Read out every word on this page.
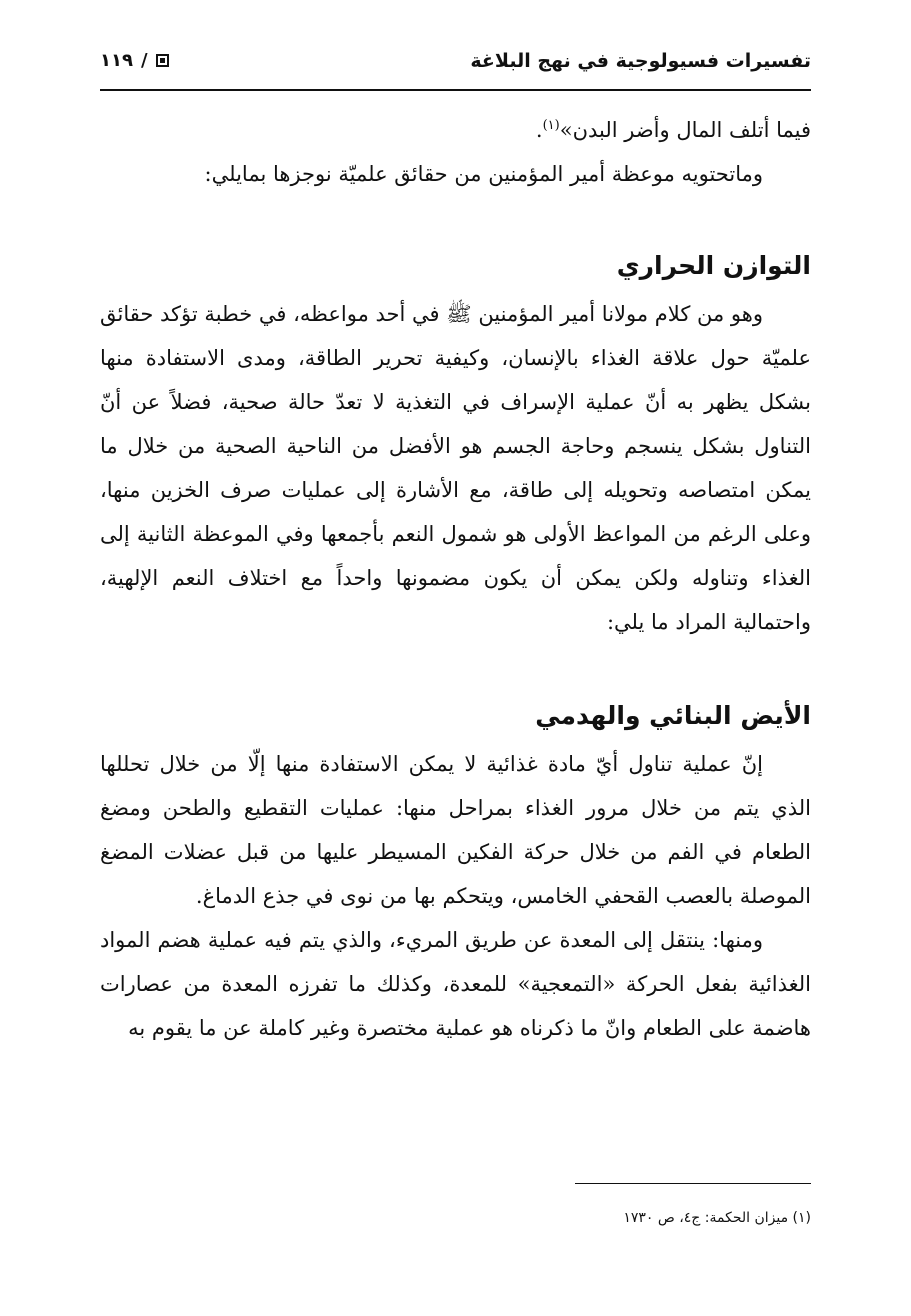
تفسيرات فسيولوجية في نهج البلاغة
١١٩ /

فيما أتلف المال وأضر البدن»$^{(١)}$.

وماتحتويه موعظة أمير المؤمنين من حقائق علميّة نوجزها بمايلي:

التوازن الحراري

وهو من كلام مولانا أمير المؤمنين ﷺ في أحد مواعظه، في خطبة تؤكد حقائق علميّة حول علاقة الغذاء بالإنسان، وكيفية تحرير الطاقة، ومدى الاستفادة منها بشكل يظهر به أنّ عملية الإسراف في التغذية لا تعدّ حالة صحية، فضلاً عن أنّ التناول بشكل ينسجم وحاجة الجسم هو الأفضل من الناحية الصحية من خلال ما يمكن امتصاصه وتحويله إلى طاقة، مع الأشارة إلى عمليات صرف الخزين منها، وعلى الرغم من المواعظ الأولى هو شمول النعم بأجمعها وفي الموعظة الثانية إلى الغذاء وتناوله ولكن يمكن أن يكون مضمونها واحداً مع اختلاف النعم الإلهية، واحتمالية المراد ما يلي:

الأيض البنائي والهدمي

إنّ عملية تناول أيّ مادة غذائية لا يمكن الاستفادة منها إلّا من خلال تحللها الذي يتم من خلال مرور الغذاء بمراحل منها: عمليات التقطيع والطحن ومضغ الطعام في الفم من خلال حركة الفكين المسيطر عليها من قبل عضلات المضغ الموصلة بالعصب القحفي الخامس، ويتحكم بها من نوى في جذع الدماغ.

ومنها: ينتقل إلى المعدة عن طريق المريء، والذي يتم فيه عملية هضم المواد الغذائية بفعل الحركة «التمعجية» للمعدة، وكذلك ما تفرزه المعدة من عصارات هاضمة على الطعام وانّ ما ذكرناه هو عملية مختصرة وغير كاملة عن ما يقوم به

(١) ميزان الحكمة: ج٤، ص ١٧٣٠
